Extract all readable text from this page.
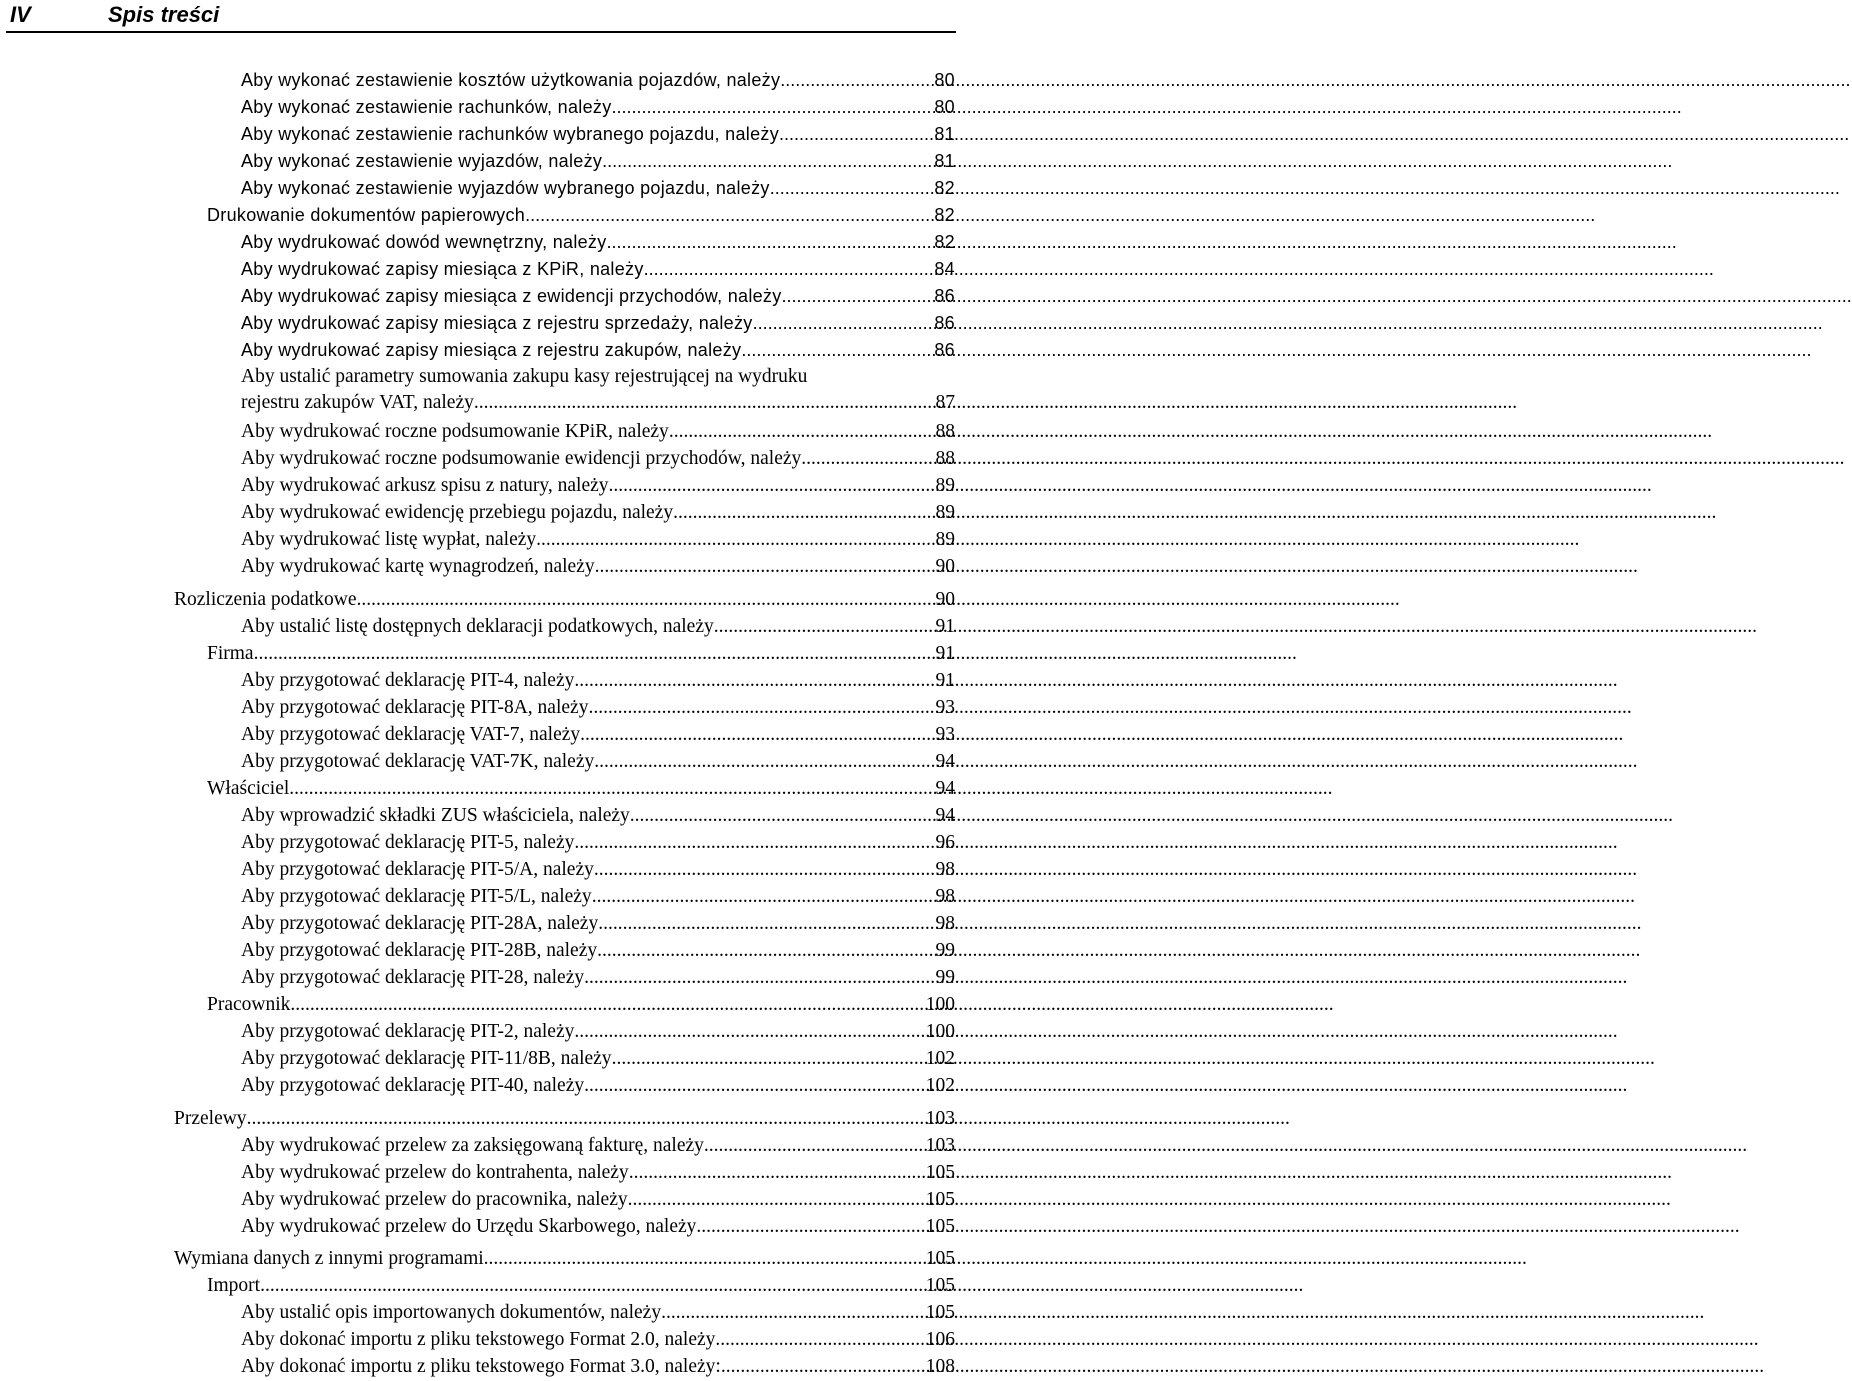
IV	Spis treści
Aby wykonać zestawienie kosztów użytkowania pojazdów, należy .....	80
Aby wykonać zestawienie rachunków, należy .....	80
Aby wykonać zestawienie rachunków wybranego pojazdu, należy .....	81
Aby wykonać zestawienie wyjazdów, należy .....	81
Aby wykonać zestawienie wyjazdów wybranego pojazdu, należy .....	82
Drukowanie dokumentów papierowych .....	82
Aby wydrukować dowód wewnętrzny, należy .....	82
Aby wydrukować zapisy miesiąca z KPiR, należy .....	84
Aby wydrukować zapisy miesiąca z ewidencji przychodów, należy .....	86
Aby wydrukować zapisy miesiąca z rejestru sprzedaży, należy .....	86
Aby wydrukować zapisy miesiąca z rejestru zakupów, należy .....	86
Aby ustalić parametry sumowania zakupu kasy rejestrującej na wydruku
rejestru zakupów VAT, należy .....	87
Aby wydrukować roczne podsumowanie KPiR, należy .....	88
Aby wydrukować roczne podsumowanie ewidencji przychodów, należy .....	88
Aby wydrukować arkusz spisu z natury, należy .....	89
Aby wydrukować ewidencję przebiegu pojazdu, należy .....	89
Aby wydrukować listę wypłat, należy .....	89
Aby wydrukować kartę wynagrodzeń, należy .....	90
Rozliczenia podatkowe .....	90
Aby ustalić listę dostępnych deklaracji podatkowych, należy .....	91
Firma .....	91
Aby przygotować deklarację PIT-4, należy .....	91
Aby przygotować deklarację PIT-8A, należy .....	93
Aby przygotować deklarację VAT-7, należy .....	93
Aby przygotować deklarację VAT-7K, należy .....	94
Właściciel .....	94
Aby wprowadzić składki ZUS właściciela, należy .....	94
Aby przygotować deklarację PIT-5, należy .....	96
Aby przygotować deklarację PIT-5/A, należy .....	98
Aby przygotować deklarację PIT-5/L, należy .....	98
Aby przygotować deklarację PIT-28A, należy .....	98
Aby przygotować deklarację PIT-28B, należy .....	99
Aby przygotować deklarację PIT-28, należy .....	99
Pracownik .....	100
Aby przygotować deklarację PIT-2, należy .....	100
Aby przygotować deklarację PIT-11/8B, należy .....	102
Aby przygotować deklarację PIT-40, należy .....	102
Przelewy .....	103
Aby wydrukować przelew za zaksięgowaną fakturę, należy .....	103
Aby wydrukować przelew do kontrahenta, należy .....	105
Aby wydrukować przelew do pracownika, należy .....	105
Aby wydrukować przelew do Urzędu Skarbowego, należy .....	105
Wymiana danych z innymi programami .....	105
Import .....	105
Aby ustalić opis importowanych dokumentów, należy .....	105
Aby dokonać importu z pliku tekstowego Format 2.0, należy .....	106
Aby dokonać importu z pliku tekstowego Format 3.0, należy: .....	108
